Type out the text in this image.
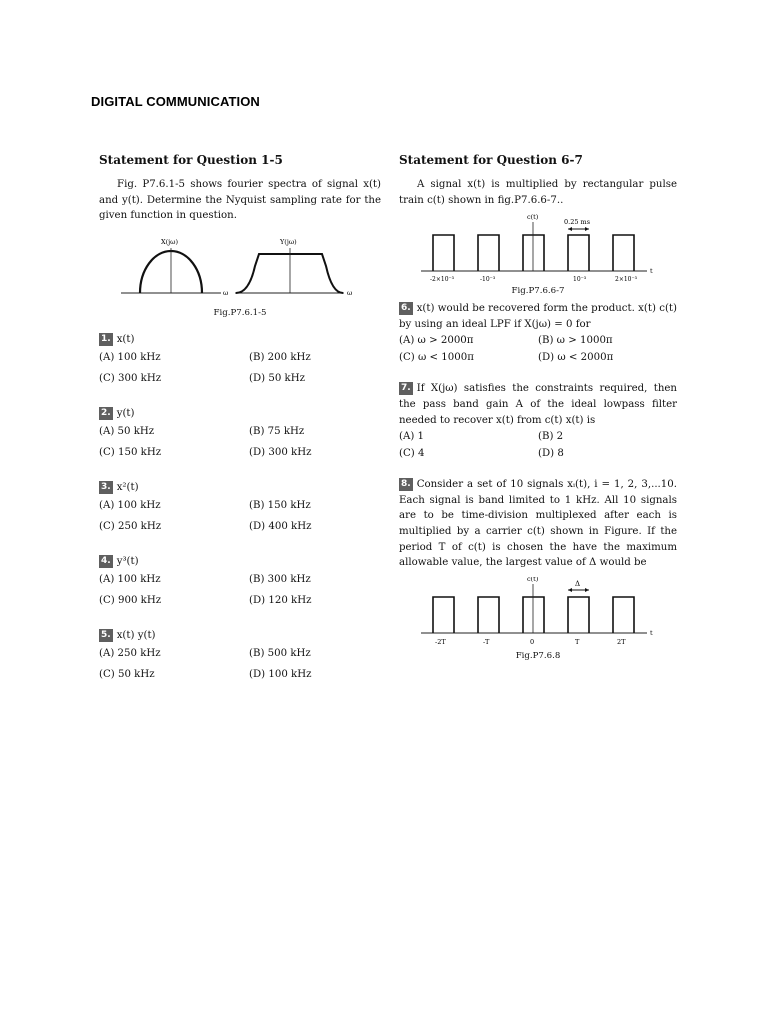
DIGITAL COMMUNICATION
Statement for Question 1-5

Fig. P7.6.1-5 shows fourier spectra of signal x(t) and y(t). Determine the Nyquist sampling rate for the given function in question.

X(jω)
ω
Y(jω)
ω
Fig.P7.6.1-5
1. x(t)
(A) 100 kHz	(B) 200 kHz
(C) 300 kHz	(D) 50 kHz
2. y(t)
(A) 50 kHz	(B) 75 kHz
(C) 150 kHz	(D) 300 kHz
3. x²(t)
(A) 100 kHz	(B) 150 kHz
(C) 250 kHz	(D) 400 kHz
4. y³(t)
(A) 100 kHz	(B) 300 kHz
(C) 900 kHz	(D) 120 kHz
5. x(t) y(t)
(A) 250 kHz	(B) 500 kHz
(C) 50 kHz	(D) 100 kHz
Statement for Question 6-7

A signal x(t) is multiplied by rectangular pulse train c(t) shown in fig.P7.6.6-7..

c(t)
0.25 ms
-2×10⁻³	-10⁻³	10⁻³	2×10⁻³
t
Fig.P7.6.6-7
6. x(t) would be recovered form the product. x(t) c(t) by using an ideal LPF if X(jω) = 0 for
(A) ω > 2000π	(B) ω > 1000π
(C) ω < 1000π	(D) ω < 2000π
7. If X(jω) satisfies the constraints required, then the pass band gain A of the ideal lowpass filter needed to recover x(t) from c(t) x(t) is
(A) 1	(B) 2
(C) 4	(D) 8
8. Consider a set of 10 signals xᵢ(t), i = 1, 2, 3,...10. Each signal is band limited to 1 kHz. All 10 signals are to be time-division multiplexed after each is multiplied by a carrier c(t) shown in Figure. If the period T of c(t) is chosen the have the maximum allowable value, the largest value of Δ would be
c(t)
Δ
-2T	-T	0	T	2T
t
Fig.P7.6.8
